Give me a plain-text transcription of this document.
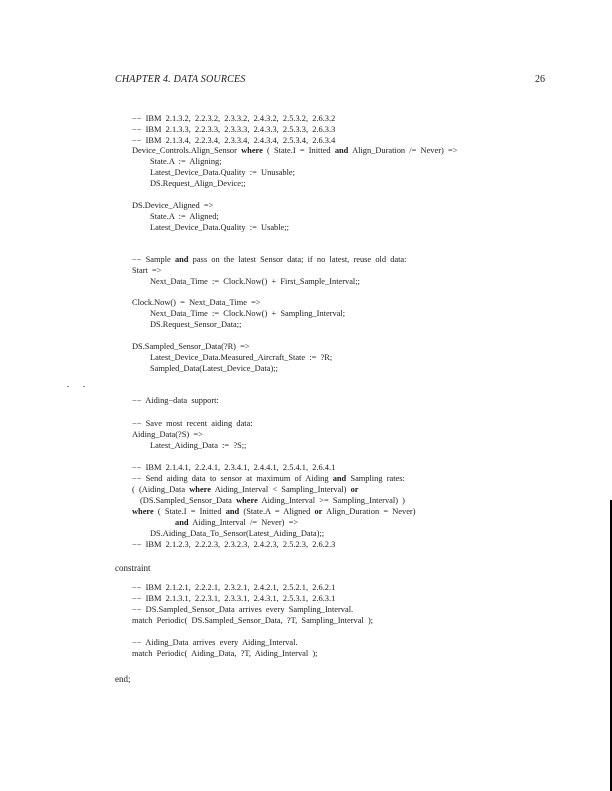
CHAPTER 4. DATA SOURCES	26
−− IBM 2.1.3.2, 2.2.3.2, 2.3.3.2, 2.4.3.2, 2.5.3.2, 2.6.3.2
−− IBM 2.1.3.3, 2.2.3.3, 2.3.3.3, 2.4.3.3, 2.5.3.3, 2.6.3.3
−− IBM 2.1.3.4, 2.2.3.4, 2.3.3.4, 2.4.3.4, 2.5.3.4, 2.6.3.4
Device_Controls.Align_Sensor where ( State.I = Initted and Align_Duration /= Never) =>
State.A := Aligning;
Latest_Device_Data.Quality := Unusable;
DS.Request_Align_Device;;
DS.Device_Aligned =>
State.A := Aligned;
Latest_Device_Data.Quality := Usable;;
−− Sample and pass on the latest Sensor data; if no latest, reuse old data:
Start =>
Next_Data_Time := Clock.Now() + First_Sample_Interval;;
Clock.Now() = Next_Data_Time =>
Next_Data_Time := Clock.Now() + Sampling_Interval;
DS.Request_Sensor_Data;;
DS.Sampled_Sensor_Data(?R) =>
Latest_Device_Data.Measured_Aircraft_State := ?R;
Sampled_Data(Latest_Device_Data);;
−− Aiding−data support:
−− Save most recent aiding data:
Aiding_Data(?S) =>
Latest_Aiding_Data := ?S;;
−− IBM 2.1.4.1, 2.2.4.1, 2.3.4.1, 2.4.4.1, 2.5.4.1, 2.6.4.1
−− Send aiding data to sensor at maximum of Aiding and Sampling rates:
( (Aiding_Data where Aiding_Interval < Sampling_Interval) or
(DS.Sampled_Sensor_Data where Aiding_Interval >= Sampling_Interval) )
where ( State.I = Initted and (State.A = Aligned or Align_Duration = Never)
and Aiding_Interval /= Never) =>
DS.Aiding_Data_To_Sensor(Latest_Aiding_Data);;
−− IBM 2.1.2.3, 2.2.2.3, 2.3.2.3, 2.4.2.3, 2.5.2.3, 2.6.2.3
−− IBM 2.1.2.1, 2.2.2.1, 2.3.2.1, 2.4.2.1, 2.5.2.1, 2.6.2.1
−− IBM 2.1.3.1, 2.2.3.1, 2.3.3.1, 2.4.3.1, 2.5.3.1, 2.6.3.1
−− DS.Sampled_Sensor_Data arrives every Sampling_Interval.
match Periodic( DS.Sampled_Sensor_Data, ?T, Sampling_Interval );
−− Aiding_Data arrives every Aiding_Interval.
match Periodic( Aiding_Data, ?T, Aiding_Interval );
constraint
end;
